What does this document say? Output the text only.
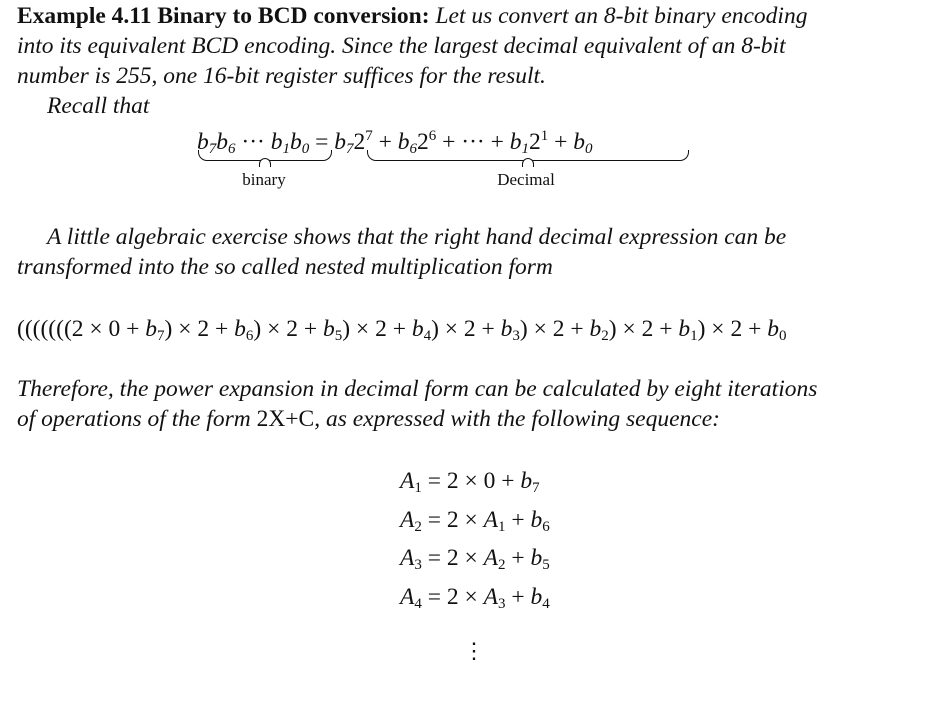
Example 4.11 Binary to BCD conversion: Let us convert an 8-bit binary encoding
into its equivalent BCD encoding. Since the largest decimal equivalent of an 8-bit
number is 255, one 16-bit register suffices for the result.
Recall that
$b_7b_6$ ··· $b_1b_0 = b_72^7 + b_62^6$ + ··· + $b_12^1 + b_0$
binary	Decimal
A little algebraic exercise shows that the right hand decimal expression can be
transformed into the so called nested multiplication form
$(((((((2 \times 0 + b_7) \times 2 + b_6) \times 2 + b_5) \times 2 + b_4) \times 2 + b_3) \times 2 + b_2) \times 2 + b_1) \times 2 + b_0$
Therefore, the power expansion in decimal form can be calculated by eight iterations
of operations of the form 2X+C, as expressed with the following sequence:
$A_1 = 2 \times 0 + b_7$
$A_2 = 2 \times A_1 + b_6$
$A_3 = 2 \times A_2 + b_5$
$A_4 = 2 \times A_3 + b_4$
⋮
